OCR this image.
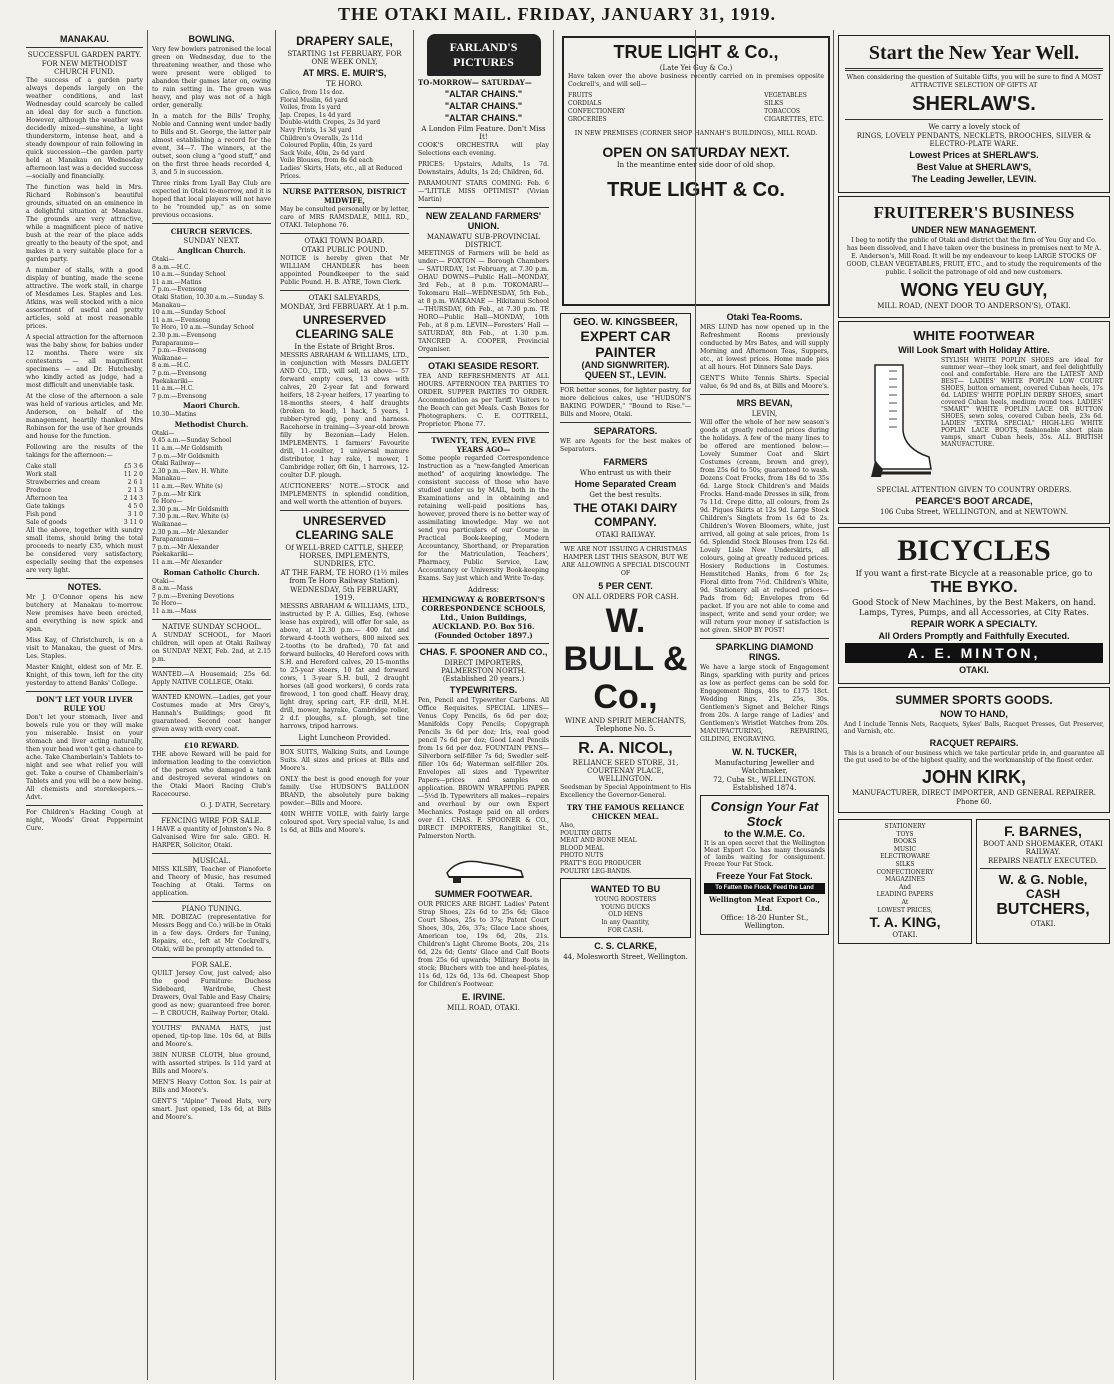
THE OTAKI MAIL. FRIDAY, JANUARY 31, 1919.
MANAKAU.
SUCCESSFUL GARDEN PARTY.
FOR NEW METHODIST CHURCH FUND.

The success of a garden party always depends largely on the weather conditions, and last Wednesday could scarcely be called an ideal day for such a function. However, although the weather was decidedly mixed—sunshine, a light thunderstorm, intense heat, and a steady downpour of rain following in quick succession—the garden party held at Manakau on Wednesday afternoon last was a decided success—socially and financially.

The function was held in Mrs. Richard Robinson's beautiful grounds, situated on an eminence in a delightful situation at Manakau. The grounds are very attractive, while a magnificent piece of native bush at the rear of the place adds greatly to the beauty of the spot, and makes it a very suitable place for a garden party.

A number of stalls, with a good display of bunting, made the scene attractive. The work stall, in charge of Mesdames Les. Staples and Les. Atkins, was well stocked with a nice assortment of useful and pretty articles, sold at most reasonable prices.

A special attraction for the afternoon was the baby show, for babies under 12 months. There were six contestants — all magnificent specimens — and Dr. Hutchesby, who kindly acted as judge, had a most difficult and unenviable task.

At the close of the afternoon a sale was held of various articles, and Mr. Anderson, on behalf of the management, heartily thanked Mrs Robinson for the use of her grounds and house for the function.

Following are the results of the takings for the afternoon:—

Cake stall	£5 3 6
Work stall	11 2 0
Strawberries and cream	2 6 1
Produce	2 1 3
Afternoon tea	2 14 3
Gate takings	4 5 0
Fish pond	3 1 0
Sale of goods	3 11 0

All the above, together with sundry small items, should bring the total proceeds to nearly £35, which must be considered very satisfactory, especially seeing that the expenses are very light.

NOTES.

Mr J. O'Connor opens his new butchery at Manakau to-morrow. New premises have been erected, and everything is new spick and span.

Miss Kay, of Christchurch, is on a visit to Manakau, the guest of Mrs. Les. Staples.

Master Knight, eldest son of Mr. E. Knight, of this town, left for the city yesterday to attend Banks' College.

DON'T LET YOUR LIVER RULE YOU

Don't let your stomach, liver and bowels rule you or they will make you miserable. Insist on your stomach and liver acting naturally, then your head won't get a chance to ache. Take Chamberlain's Tablets to-night and see what relief you will get. Take a course of Chamberlain's Tablets and you will be a new being. All chemists and storekeepers.—Advt.

For Children's Hacking Cough at night, Woods' Great Peppermint Cure.

BOWLING.

Very few bowlers patronised the local green on Wednesday, due to the threatening weather, and those who were present were obliged to abandon their games later on, owing to rain setting in. The green was heavy, and play was not of a high order, generally.

In a match for the Bills' Trophy, Noble and Canning went under badly to Bills and St. George, the latter pair almost establishing a record for the event, 34—7. The winners, at the outset, soon clung a "good stuff," and on the first three heads recorded 4, 3, and 5 in succession.

Three rinks from Lyall Bay Club are expected in Otaki to-morrow, and it is hoped that local players will not have to be "rounded up," as on some previous occasions.

CHURCH SERVICES.
SUNDAY NEXT.
Anglican Church.
Otaki—
8 a.m.—H.C.
10 a.m.—Sunday School
11 a.m.—Matins
7 p.m.—Evensong
Otaki Station, 10.30 a.m.—Sunday S.
Manakau—
10 a.m.—Sunday School
11 a.m.—Evensong
Te Horo, 10 a.m.—Sunday School
2.30 p.m.—Evensong
Paraparaumu—
7 p.m.—Evensong
Waikanae—
8 a.m.—H.C.
7 p.m.—Evensong
Paekakariki—
11 a.m.—H.C.
7 p.m.—Evensong
Maori Church.
10.30—Matins
Methodist Church.
Otaki—
9.45 a.m.—Sunday School
11 a.m.—Mr Goldsmith
7 p.m.—Mr Goldsmith
Otaki Railway—
2.30 p.m.—Rev. H. White
Manakau—
11 a.m.—Rev. White (s)
7 p.m.—Mr Kirk
Te Horo—
2.30 p.m.—Mr Goldsmith
7.30 p.m.—Rev. White (s)
Waikanae—
2.30 p.m.—Mr Alexander
Paraparaumu—
7 p.m.—Mr Alexander
Paekakariki—
11 a.m.—Mr Alexander
Roman Catholic Church.
Otaki—
8 a.m.—Mass
7 p.m.—Evening Devotions
Te Horo—
11 a.m.—Mass
NATIVE SUNDAY SCHOOL.

A SUNDAY SCHOOL, for Maori children, will open at Otaki Railway on SUNDAY NEXT, Feb. 2nd, at 2.15 p.m.

WANTED.—A Housemaid; 25s 6d. Apply NATIVE COLLEGE, Otaki.

WANTED KNOWN.—Ladies, get your Costumes made at Mrs Grey's, Hannah's Buildings; good fit guaranteed. Second coat hanger given away with every coat.

£10 REWARD.

THE above Reward will be paid for information leading to the conviction of the person who damaged a tank and destroyed several windows on the Otaki Maori Racing Club's Racecourse.

O. J. D'ATH, Secretary.

FENCING WIRE FOR SALE.

I HAVE a quantity of Johnston's No. 8 Galvanised Wire for sale. GEO. H. HARPER, Solicitor, Otaki.

MUSICAL.

MISS KILSBY, Teacher of Pianoforte and Theory of Music, has resumed Teaching at Otaki. Terms on application.

PIANO TUNING.

MR. DOBIZAC (representative for Messrs Begg and Co.) will-be in Otaki in a few days. Orders for Tuning, Repairs, etc., left at Mr Cockrell's, Otaki, will be promptly attended to.

FOR SALE.

QUILT Jersey Cow, just calved; also the good Furniture: Duchess Sideboard, Wardrobe, Chest Drawers, Oval Table and Easy Chairs; good as new; guaranteed free borer. — P. CROUCH, Railway Porter, Otaki.

YOUTHS' PANAMA HATS, just opened, tip-top line. 10s 6d, at Bills and Moore's.

38IN NURSE CLOTH, blue ground, with assorted stripes. Is 11d yard at Bills and Moore's.

MEN'S Heavy Cotton Sox. 1s pair at Bills and Moore's.

GENT'S "Alpine" Tweed Hats, very smart. Just opened, 13s 6d, at Bills and Moore's.

DRAPERY SALE,
STARTING 1st FEBRUARY, FOR ONE WEEK ONLY,
AT MRS. E. MUIR'S,
TE HORO.
Calico, from 11s doz.
Floral Muslin, 6d yard
Voiles, from 1s yard
Jap. Crepes, 1s 4d yard
Double-width Crepes, 2s 3d yard
Navy Prints, 1s 3d yard
Children's Overalls, 2s 11d
Coloured Poplin, 40in, 2s yard
Sack Voile, 40in, 2s 6d yard
Voile Blouses, from 8s 6d each
Ladies' Skirts, Hats, etc., all at Reduced Prices.
NURSE PATTERSON, DISTRICT MIDWIFE,

May be consulted personally or by letter, care of MRS RAMSDALE, MILL RD., OTAKI. Telephone 76.

OTAKI TOWN BOARD.
OTAKI PUBLIC POUND.

NOTICE is hereby given that Mr WILLIAM CHANDLER has been appointed Poundkeeper to the said Public Pound. H. B. AYRE, Town Clerk.

OTAKI SALEYARDS,
MONDAY, 3rd FEBRUARY. At 1 p.m.
UNRESERVED CLEARING SALE
In the Estate of Bright Bros.

MESSRS ABRAHAM & WILLIAMS, LTD., in conjunction with Messrs DALGETY AND CO., LTD., will sell, as above— 57 forward empty cows, 13 cows with calves, 20 2-year fat and forward heifers, 18 2-year heifers, 17 yearling to 18-months steers, 4 half draughts (broken to lead), 1 hack, 5 years, 1 rubber-tyred gig, pony and harness. Racehorse in training—3-year-old brown filly by Bezonian—Lady Helen. IMPLEMENTS. 1 farmers' Favourite drill, 11-coulter, 1 universal manure distributor, 1 hay rake, 1 mower, 1 Cambridge roller, 6ft 6in, 1 harrows, 12-coulter D.F. plough.

AUCTIONEERS' NOTE.—STOCK and IMPLEMENTS in splendid condition, and well worth the attention of buyers.

UNRESERVED CLEARING SALE
Of WELL-BRED CATTLE, SHEEP, HORSES, IMPLEMENTS, SUNDRIES, ETC.
AT THE FARM, TE HORO (1½ miles from Te Horo Railway Station).
WEDNESDAY, 5th FEBRUARY, 1919.

MESSRS ABRAHAM & WILLIAMS, LTD., instructed by P. A. Gillies, Esq. (whose lease has expired), will offer for sale, as above, at 12.30 p.m.— 400 fat and forward 4-tooth wethers, 800 mixed sex 2-tooths (to be drafted), 70 fat and forward bullocks, 40 Hereford cows with S.H. and Hereford calves, 20 15-months to 25-year steers, 10 fat and forward cows, 1 3-year S.H. bull, 2 draught horses (all good workers), 6 cords rata firewood, 1 ton good chaff. Heavy dray, light dray, spring cart, F.F. drill, M.H. drill, mower, hayrake, Cambridge roller, 2 d.f. ploughs, s.f. plough, set tine harrows, tripod harrows.

Light Luncheon Provided.

BOX SUITS, Walking Suits, and Lounge Suits. All sizes and prices at Bills and Moore's.

ONLY the best is good enough for your family. Use HUDSON'S BALLOON BRAND, the absolutely pure baking powder.—Bills and Moore.

40IN WHITE VOILE, with fairly large coloured spot. Very special value, 1s and 1s 6d, at Bills and Moore's.

FARLAND'S PICTURES
TO-MORROW— SATURDAY—
"ALTAR CHAINS."
"ALTAR CHAINS."
"ALTAR CHAINS."
A London Film Feature. Don't Miss It!

COOK'S ORCHESTRA will play Selections each evening.

PRICES: Upstairs, Adults, 1s 7d. Downstairs, Adults, 1s 2d; Children, 6d.

PARAMOUNT STARS COMING: Feb. 6—"LITTLE MISS OPTIMIST" (Vivian Martin)

NEW ZEALAND FARMERS' UNION.
MANAWATU SUB-PROVINCIAL DISTRICT.

MEETINGS of Farmers will be held as under:— FOXTON — Borough Chambers — SATURDAY, 1st February, at 7.30 p.m. OHAU DOWNS—Public Hall—MONDAY, 3rd Feb., at 8 p.m. TOKOMARU—Tokomaru Hall—WEDNESDAY, 5th Feb., at 8 p.m. WAIKANAE — Hikitanui School—THURSDAY, 6th Feb., at 7.30 p.m. TE HORO—Public Hall—MONDAY, 10th Feb., at 8 p.m. LEVIN—Foresters' Hall — SATURDAY, 8th Feb., at 1.30 p.m. TANCRED A. COOPER, Provincial Organiser.

OTAKI SEASIDE RESORT.

TEA AND REFRESHMENTS AT ALL HOURS. AFTERNOON TEA PARTIES TO ORDER. SUPPER PARTIES TO ORDER. Accommodation as per Tariff. Visitors to the Beach can get Meals. Cash Boxes for Photographers. C. E. COTTRELL, Proprietor. Phone 77.

TWENTY, TEN, EVEN FIVE YEARS AGO—

Some people regarded Correspondence Instruction as a "new-fangled American method" of acquiring knowledge. The consistent success of those who have studied under us by MAIL, both in the Examinations and in obtaining and retaining well-paid positions has, however, proved there is no better way of assimilating knowledge. May we not send you particulars of our Course in Practical Book-keeping, Modern Accountancy, Shorthand, or Preparation for the Matriculation, Teachers', Pharmacy, Public Service, Law, Accountancy or University Book-keeping Exams. Say just which and Write To-day.

Address:
HEMINGWAY & ROBERTSON'S CORRESPONDENCE SCHOOLS, Ltd., Union Buildings, AUCKLAND. P.O. Box 516. (Founded October 1897.)
CHAS. F. SPOONER AND CO.,
DIRECT IMPORTERS, PALMERSTON NORTH. (Established 20 years.)
TYPEWRITERS.

Pen, Pencil and Typewriter Carbons. All Office Requisites. SPECIAL LINES— Venus Copy Pencils, 6s 6d per doz; Manifolds Copy Pencils; Copygraph Pencils 3s 6d per doz; Iris, real good pencil 7s 6d per doz; Good Lead Pencils from 1s 6d per doz. FOUNTAIN PENS— Silverborn self-filler 7s 6d; Swedler self-filler 10s 6d; Waterman self-filler 20s. Envelopes all sizes and Typewriter Papers—prices and samples on application. BROWN WRAPPING PAPER—5½d lb. Typewriters all makes—repairs and overhaul by our own Expert Mechanics. Postage paid on all orders over £1. CHAS. F. SPOONER & CO., DIRECT IMPORTERS, Rangitikei St., Palmerston North.

SUMMER FOOTWEAR.

OUR PRICES ARE RIGHT. Ladies' Patent Strap Shoes, 22s 6d to 25s 6d; Glace Court Shoes, 25s to 37s; Patent Court Shoes, 30s, 26s, 37s; Glace Lace shoes, American toe, 19s 6d, 20s, 21s. Children's Light Chrome Boots, 20s, 21s 6d, 22s 6d; Gents' Glace and Calf Boots from 25s 6d upwards; Military Boots in stock; Bluchers with toe and heel-plates, 11s 6d, 12s 6d, 13s 6d. Cheapest Shop for Children's Footwear.

E. IRVINE.
MILL ROAD, OTAKI.
TRUE LIGHT & Co.,
(Late Yei Guy & Co.)

Have taken over the above business recently carried on in premises opposite Cockrell's, and will sell—

FRUITS
CORDIALS
CONFECTIONERY
GROCERIES
VEGETABLES
SILKS
TOBACCOS
CIGARETTES, ETC.

IN NEW PREMISES (CORNER SHOP HANNAH'S BUILDINGS), MILL ROAD.

OPEN ON SATURDAY NEXT.
In the meantime enter side door of old shop.
TRUE LIGHT & Co.
GEO. W. KINGSBEER,
EXPERT CAR PAINTER
(AND SIGNWRITER).
QUEEN ST., LEVIN.

FOR better scones, for lighter pastry, for more delicious cakes, use "HUDSON'S BAKING POWDER," "Bound to Rise."—Bills and Moore, Otaki.

SEPARATORS.

WE are Agents for the best makes of Separators.

FARMERS
Who entrust us with their
Home Separated Cream
Get the best results.
THE OTAKI DAIRY COMPANY.
OTAKI RAILWAY.

WE ARE NOT ISSUING A CHRISTMAS HAMPER LIST THIS SEASON, BUT WE ARE ALLOWING A SPECIAL DISCOUNT OF

5 PER CENT.
ON ALL ORDERS FOR CASH.
W. BULL & Co.,
WINE AND SPIRIT MERCHANTS, Telephone No. 5.
R. A. NICOL,
RELIANCE SEED STORE, 31, COURTENAY PLACE, WELLINGTON.

Seedsman by Special Appointment to His Excellency the Governor-General.

TRY THE FAMOUS RELIANCE CHICKEN MEAL.
Also,
POULTRY GRITS
MEAT AND BONE MEAL
BLOOD MEAL
PHOTO NUTS
PRATT'S EGG PRODUCER
POULTRY LEG-BANDS.
WANTED TO BU
YOUNG ROOSTERS
YOUNG DUCKS
OLD HENS
In any Quantity,
FOR CASH.
C. S. CLARKE,
44, Molesworth Street, Wellington.
Otaki Tea-Rooms.

MRS LUND has now opened up in the Refreshment Rooms previously conducted by Mrs Bates, and will supply Morning and Afternoon Teas, Suppers, etc., at lowest prices. Home made pies at all hours. Hot Dinners Sale Days.

GENT'S White Tennis Shirts. Special value, 6s 9d and 8s, at Bills and Moore's.

MRS BEVAN,
LEVIN,

Will offer the whole of her new season's goods at greatly reduced prices during the holidays. A few of the many lines to be offered are mentioned below:— Lovely Summer Coat and Skirt Costumes (cream, brown and grey), from 25s 6d to 50s; guaranteed to wash. Dozens Coat Frocks, from 18s 6d to 35s 6d. Large Stock Children's and Maids Frocks. Hand-made Dresses in silk, from 7s 11d. Crepe ditto, all colours, from 2s 9d. Piques Skirts at 12s 9d. Large Stock Children's Singlets from 1s 6d to 2s. Children's Woven Bloomers, white, just arrived, all going at sale prices, from 1s 6d. Splendid Stock Blouses from 12s 6d. Lovely Lisle New Underskirts, all colours, going at greatly reduced prices. Hosiery Reductions in Costumes. Hemstitched Hanks, from 6 for 2s; Floral ditto from 7½d. Children's White, 9d. Stationery all at reduced prices—Pads from 6d; Envelopes from 6d packet. If you are not able to come and inspect, write and send your order; we will return your money if satisfaction is not given. SHOP BY POST!

SPARKLING DIAMOND RINGS.

We have a large stock of Engagement Rings, sparkling with purity and prices as low as perfect gems can be sold for. Engagement Rings, 40s to £175 18ct. Wedding Rings, 21s, 25s, 30s. Gentlemen's Signet and Belcher Rings from 20s. A large range of Ladies' and Gentlemen's Wristlet Watches from 20s. MANUFACTURING, REPAIRING, GILDING, ENGRAVING.

W. N. TUCKER,
Manufacturing Jeweller and Watchmaker,
72, Cuba St., WELLINGTON. Established 1874.
Consign Your Fat Stock
to the W.M.E. Co.

It is an open secret that the Wellington Meat Export Co. has many thousands of lambs waiting for consignment. Freeze Your Fat Stock.

Freeze Your Fat Stock.
To Fatten the Flock, Feed the Land
Wellington Meat Export Co., Ltd.
Office: 18-20 Hunter St., Wellington.
Start the New Year Well.

When considering the question of Suitable Gifts, you will be sure to find A MOST ATTRACTIVE SELECTION OF GIFTS AT

SHERLAW'S.
We carry a lovely stock of
RINGS, LOVELY PENDANTS, NECKLETS, BROOCHES, SILVER & ELECTRO-PLATE WARE.
Lowest Prices at SHERLAW'S.
Best Value at SHERLAW'S,
The Leading Jeweller, LEVIN.
FRUITERER'S BUSINESS
UNDER NEW MANAGEMENT.

I beg to notify the public of Otaki and district that the firm of Yeu Guy and Co. has been dissolved, and I have taken over the business in premises next to Mr A. E. Anderson's, Mill Road. It will be my endeavour to keep LARGE STOCKS OF GOOD, CLEAN VEGETABLES, FRUIT, ETC., and to study the requirements of the public. I solicit the patronage of old and new customers.

WONG YEU GUY,
MILL ROAD, (NEXT DOOR TO ANDERSON'S), OTAKI.
WHITE FOOTWEAR
Will Look Smart with Holiday Attire.

STYLISH WHITE POPLIN SHOES are ideal for summer wear—they look smart, and feel delightfully cool and comfortable. Here are the LATEST AND BEST— LADIES' WHITE POPLIN LOW COURT SHOES, button ornament, covered Cuban heels, 17s 6d. LADIES' WHITE POPLIN DERBY SHOES, smart covered Cuban heels, medium round toes. LADIES' "SMART" WHITE POPLIN LACE OR BUTTON SHOES, sewn soles, covered Cuban heels, 23s 6d. LADIES' "EXTRA SPECIAL" HIGH-LEG WHITE POPLIN LACE BOOTS, fashionable short plain vamps, smart Cuban heels, 35s. ALL BRITISH MANUFACTURE.

SPECIAL ATTENTION GIVEN TO COUNTRY ORDERS.
PEARCE'S BOOT ARCADE,
106 Cuba Street, WELLINGTON, and at NEWTOWN.
BICYCLES
If you want a first-rate Bicycle at a reasonable price, go to
THE BYKO.
Good Stock of New Machines, by the Best Makers, on hand.
Lamps, Tyres, Pumps, and all Accessories, at City Rates.
REPAIR WORK A SPECIALTY.
All Orders Promptly and Faithfully Executed.
A. E. MINTON,
OTAKI.
SUMMER SPORTS GOODS.
NOW TO HAND,

And I include Tennis Nets, Racquets, Sykes' Balls, Racquet Presses, Gut Preserver, and Varnish, etc.

RACQUET REPAIRS.

This is a branch of our business which we take particular pride in, and guarantee all the gut used to be of the highest quality, and the workmanship of the finest order.

JOHN KIRK,
MANUFACTURER, DIRECT IMPORTER, AND GENERAL REPAIRER.
Phone 60.
STATIONERY
TOYS
BOOKS
MUSIC
ELECTROWARE
SILKS
CONFECTIONERY
MAGAZINES
And
LEADING PAPERS
At
LOWEST PRICES,
T. A. KING,
OTAKI.
F. BARNES,
BOOT AND SHOEMAKER, OTAKI RAILWAY.
REPAIRS NEATLY EXECUTED.
W. & G. Noble,
CASH
BUTCHERS,
OTAKI.
